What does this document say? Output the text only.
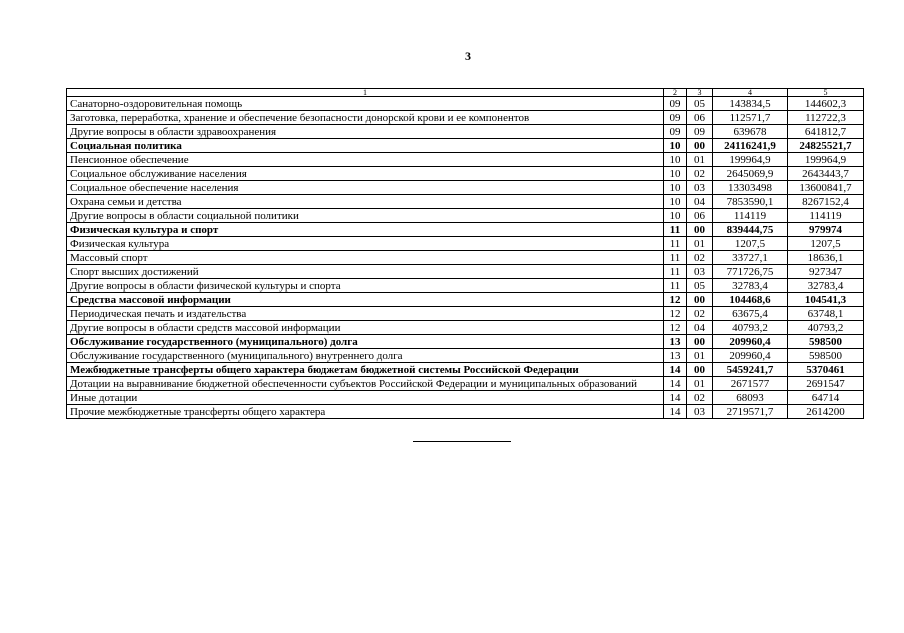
3
1	2	3	4	5
Санаторно-оздоровительная помощь	09	05	143834,5	144602,3
Заготовка, переработка, хранение и обеспечение безопасности донорской крови и ее компонентов	09	06	112571,7	112722,3
Другие вопросы в области здравоохранения	09	09	639678	641812,7
Социальная политика	10	00	24116241,9	24825521,7
Пенсионное обеспечение	10	01	199964,9	199964,9
Социальное обслуживание населения	10	02	2645069,9	2643443,7
Социальное обеспечение населения	10	03	13303498	13600841,7
Охрана семьи и детства	10	04	7853590,1	8267152,4
Другие вопросы в области социальной политики	10	06	114119	114119
Физическая культура и спорт	11	00	839444,75	979974
Физическая культура	11	01	1207,5	1207,5
Массовый спорт	11	02	33727,1	18636,1
Спорт высших достижений	11	03	771726,75	927347
Другие вопросы в области физической культуры и спорта	11	05	32783,4	32783,4
Средства массовой информации	12	00	104468,6	104541,3
Периодическая печать и издательства	12	02	63675,4	63748,1
Другие вопросы в области средств массовой информации	12	04	40793,2	40793,2
Обслуживание государственного (муниципального) долга	13	00	209960,4	598500
Обслуживание государственного (муниципального) внутреннего долга	13	01	209960,4	598500
Межбюджетные трансферты общего характера бюджетам бюджетной системы Российской Федерации	14	00	5459241,7	5370461
Дотации на выравнивание бюджетной обеспеченности субъектов Российской Федерации и муниципальных образований	14	01	2671577	2691547
Иные дотации	14	02	68093	64714
Прочие межбюджетные трансферты общего характера	14	03	2719571,7	2614200
